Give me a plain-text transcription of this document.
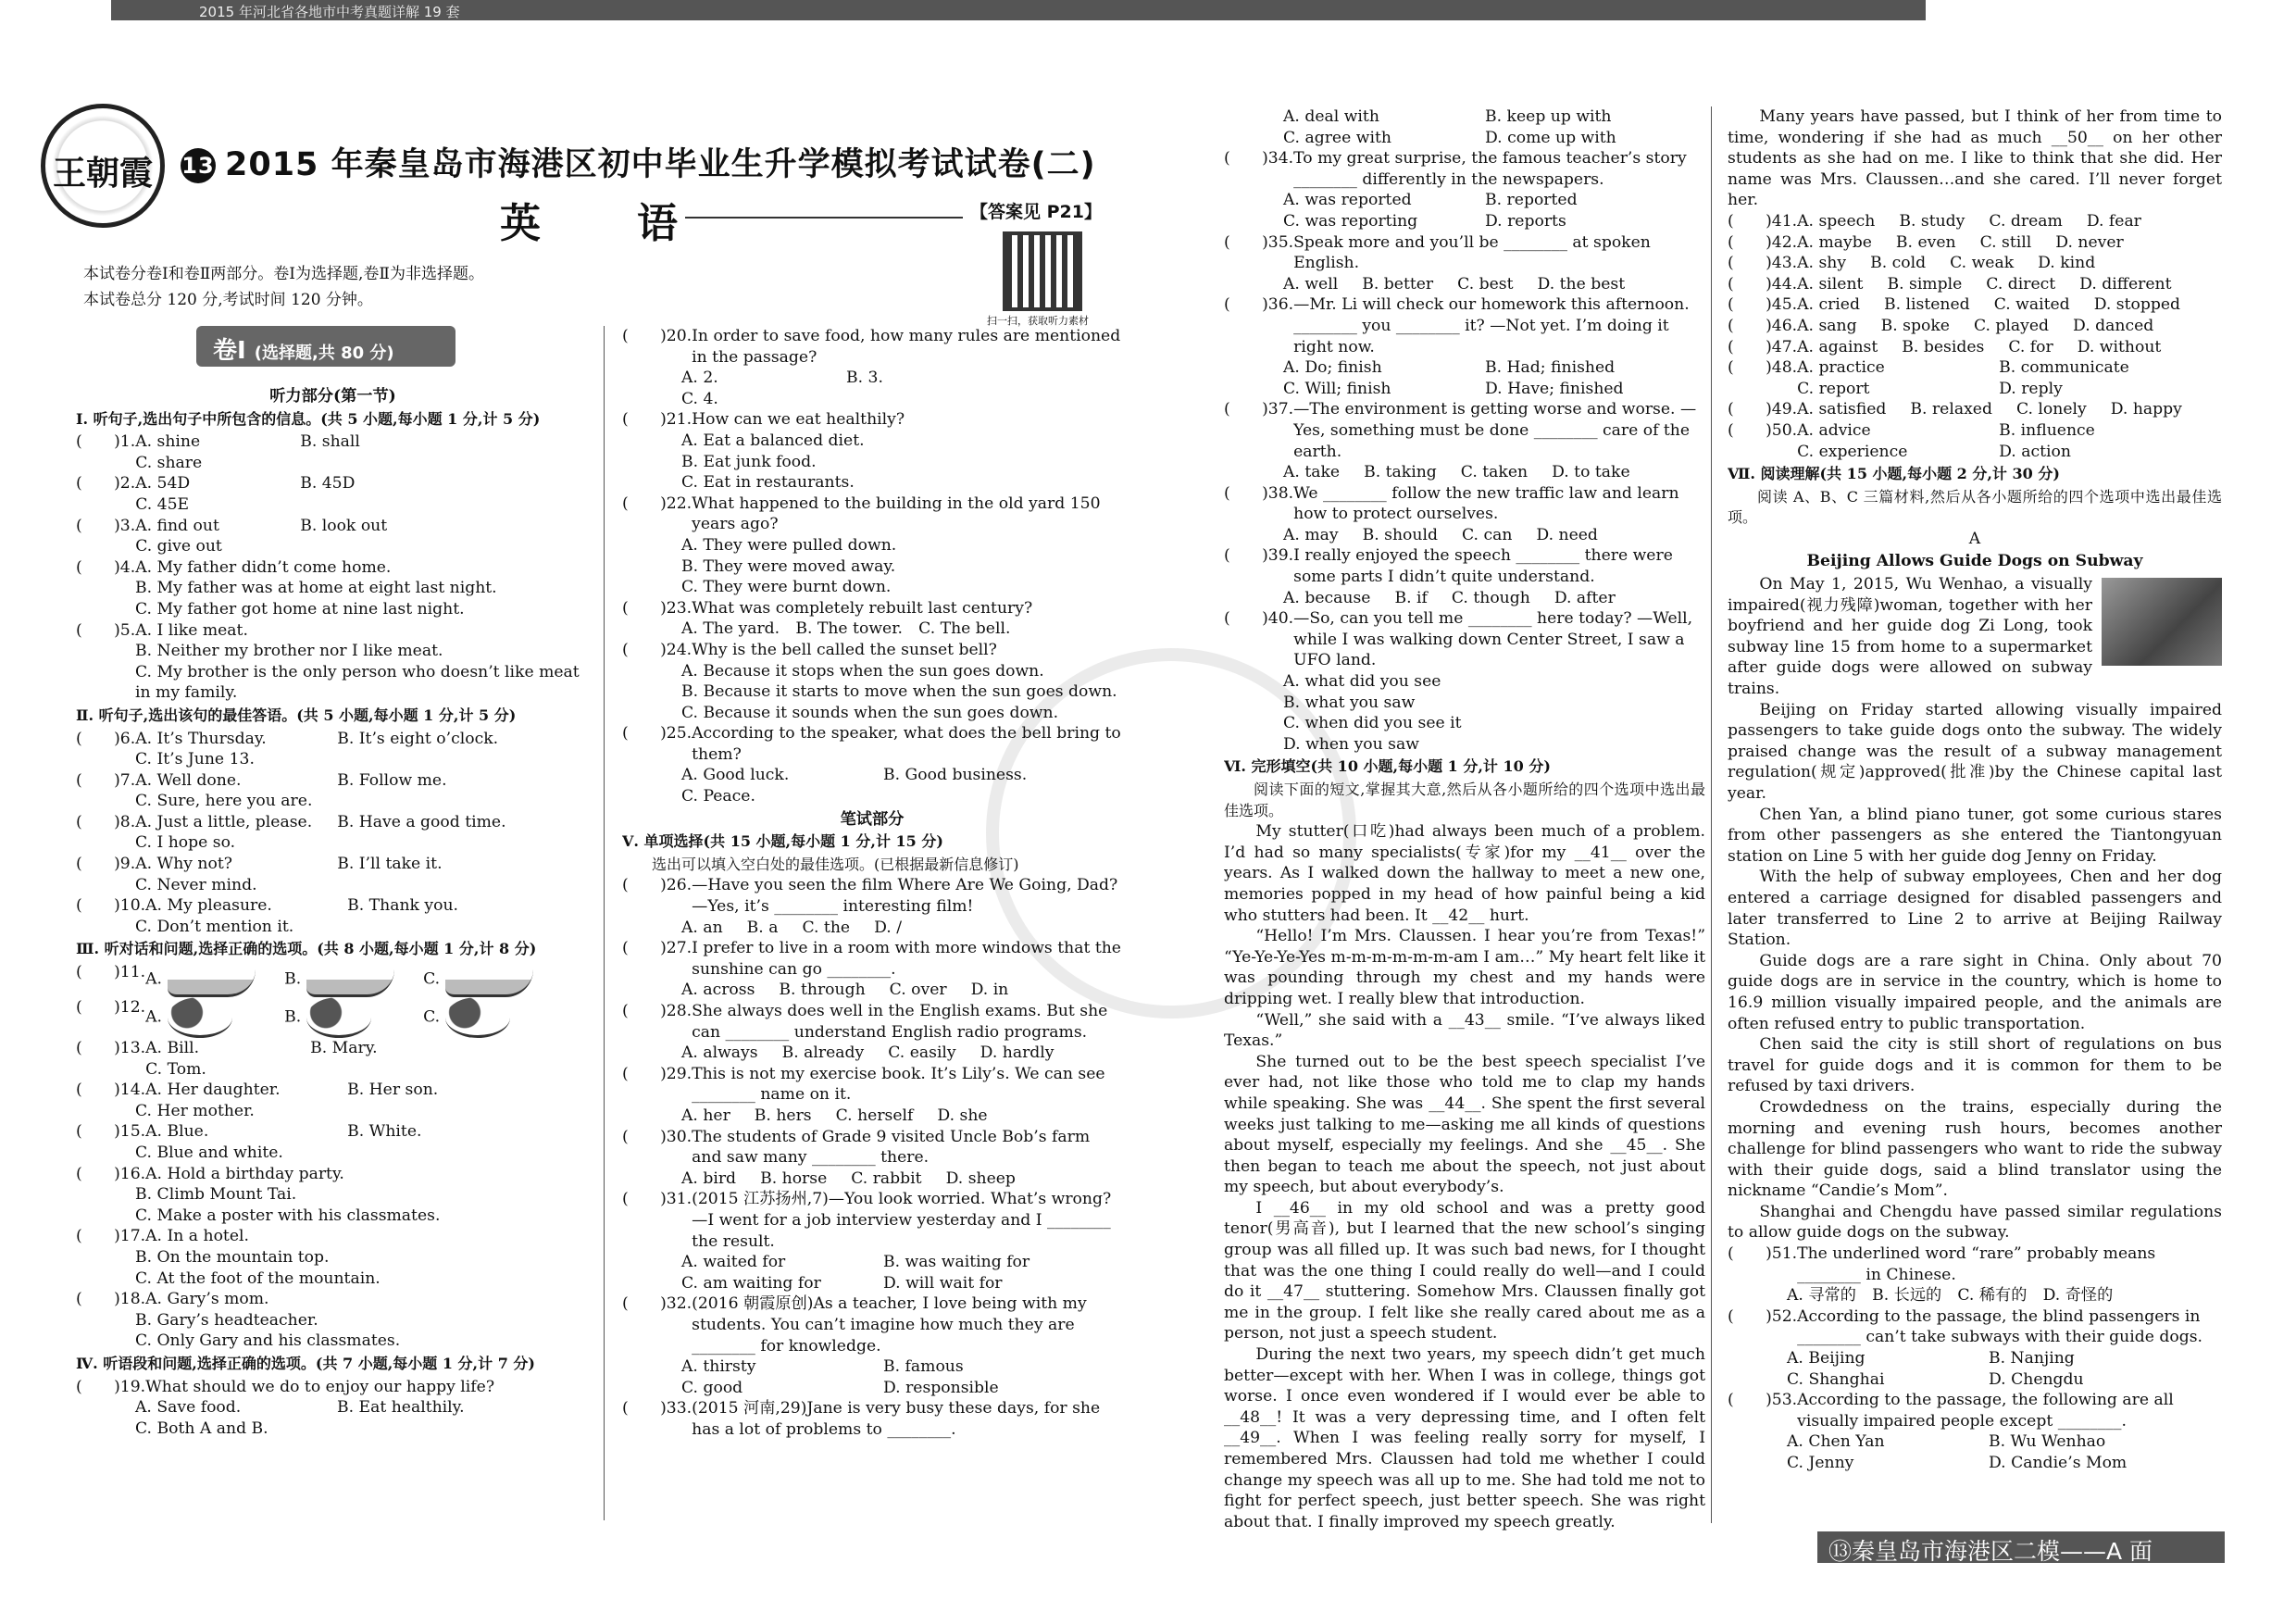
2015 年河北省各地市中考真题详解 19 套
王朝霞	13 2015 年秦皇岛市海港区初中毕业生升学模拟考试试卷(二)
英　语	【答案见 P21】
扫一扫，获取听力素材
本试卷分卷Ⅰ和卷Ⅱ两部分。卷Ⅰ为选择题,卷Ⅱ为非选择题。
本试卷总分 120 分,考试时间 120 分钟。
卷Ⅰ (选择题,共 80 分)
听力部分(第一节)
Ⅰ. 听句子,选出句子中所包含的信息。(共 5 小题,每小题 1 分,计 5 分)
(　　)1. A. shine	B. shall
C. share
(　　)2. A. 54D	B. 45D
C. 45E
(　　)3. A. find out	B. look out
C. give out
(　　)4. A. My father didn’t come home.
B. My father was at home at eight last night.
C. My father got home at nine last night.
(　　)5. A. I like meat.
B. Neither my brother nor I like meat.
C. My brother is the only person who doesn’t like meat in my family.
Ⅱ. 听句子,选出该句的最佳答语。(共 5 小题,每小题 1 分,计 5 分)
(　　)6. A. It’s Thursday.	B. It’s eight o’clock.
C. It’s June 13.
(　　)7. A. Well done.	B. Follow me.
C. Sure, here you are.
(　　)8. A. Just a little, please.	B. Have a good time.
C. I hope so.
(　　)9. A. Why not?	B. I’ll take it.
C. Never mind.
(　　)10. A. My pleasure.	B. Thank you.
C. Don’t mention it.
Ⅲ. 听对话和问题,选择正确的选项。(共 8 小题,每小题 1 分,计 8 分)
(　　)11. A.	B.	C.
(　　)12.
A.	B.	C.
(　　)13. A. Bill.	B. Mary.
C. Tom.
(　　)14. A. Her daughter.	B. Her son.
C. Her mother.
(　　)15. A. Blue.	B. White.
C. Blue and white.
(　　)16. A. Hold a birthday party.
B. Climb Mount Tai.
C. Make a poster with his classmates.
(　　)17. A. In a hotel.
B. On the mountain top.
C. At the foot of the mountain.
(　　)18. A. Gary’s mom.
B. Gary’s headteacher.
C. Only Gary and his classmates.
Ⅳ. 听语段和问题,选择正确的选项。(共 7 小题,每小题 1 分,计 7 分)
(　　)19. What should we do to enjoy our happy life?
A. Save food.	B. Eat healthily.
C. Both A and B.
(　　)20. In order to save food, how many rules are mentioned in the passage?
A. 2.	B. 3.
C. 4.
(　　)21. How can we eat healthily?
A. Eat a balanced diet.
B. Eat junk food.
C. Eat in restaurants.
(　　)22. What happened to the building in the old yard 150 years ago?
A. They were pulled down.
B. They were moved away.
C. They were burnt down.
(　　)23. What was completely rebuilt last century?
A. The yard.　B. The tower.　C. The bell.
(　　)24. Why is the bell called the sunset bell?
A. Because it stops when the sun goes down.
B. Because it starts to move when the sun goes down.
C. Because it sounds when the sun goes down.
(　　)25. According to the speaker, what does the bell bring to them?
A. Good luck.	B. Good business.
C. Peace.
笔试部分
Ⅴ. 单项选择(共 15 小题,每小题 1 分,计 15 分)
选出可以填入空白处的最佳选项。(已根据最新信息修订)
(　　)26. —Have you seen the film Where Are We Going, Dad? —Yes, it’s ________ interesting film!
A. an B. a C. the D. /
(　　)27. I prefer to live in a room with more windows that the sunshine can go ________.
A. across B. through C. over D. in
(　　)28. She always does well in the English exams. But she can ________ understand English radio programs.
A. always B. already C. easily D. hardly
(　　)29. This is not my exercise book. It’s Lily’s. We can see ________ name on it.
A. her B. hers C. herself D. she
(　　)30. The students of Grade 9 visited Uncle Bob’s farm and saw many ________ there.
A. bird B. horse C. rabbit D. sheep
(　　)31. (2015 江苏扬州,7)—You look worried. What’s wrong? —I went for a job interview yesterday and I ________ the result.
A. waited for	B. was waiting for
C. am waiting for	D. will wait for
(　　)32. (2016 朝霞原创)As a teacher, I love being with my students. You can’t imagine how much they are ________ for knowledge.
A. thirsty	B. famous
C. good	D. responsible
(　　)33. (2015 河南,29)Jane is very busy these days, for she has a lot of problems to ________.
A. deal with	B. keep up with
C. agree with	D. come up with
(　　)34. To my great surprise, the famous teacher’s story ________ differently in the newspapers.
A. was reported	B. reported
C. was reporting	D. reports
(　　)35. Speak more and you’ll be ________ at spoken English.
A. well B. better C. best D. the best
(　　)36. —Mr. Li will check our homework this afternoon. ________ you ________ it? —Not yet. I’m doing it right now.
A. Do; finish	B. Had; finished
C. Will; finish	D. Have; finished
(　　)37. —The environment is getting worse and worse. —Yes, something must be done ________ care of the earth.
A. take B. taking C. taken D. to take
(　　)38. We ________ follow the new traffic law and learn how to protect ourselves.
A. may B. should C. can D. need
(　　)39. I really enjoyed the speech ________ there were some parts I didn’t quite understand.
A. because B. if C. though D. after
(　　)40. —So, can you tell me ________ here today? —Well, while I was walking down Center Street, I saw a UFO land.
A. what did you see
B. what you saw
C. when did you see it
D. when you saw
Ⅵ. 完形填空(共 10 小题,每小题 1 分,计 10 分)
阅读下面的短文,掌握其大意,然后从各小题所给的四个选项中选出最佳选项。
My stutter(口吃)had always been much of a problem. I’d had so many specialists(专家)for my __41__ over the years. As I walked down the hallway to meet a new one, memories popped in my head of how painful being a kid who stutters had been. It __42__ hurt.
“Hello! I’m Mrs. Claussen. I hear you’re from Texas!” “Ye-Ye-Ye-Yes m-m-m-m-m-m-am I am…” My heart felt like it was pounding through my chest and my hands were dripping wet. I really blew that introduction.
“Well,” she said with a __43__ smile. “I’ve always liked Texas.”
She turned out to be the best speech specialist I’ve ever had, not like those who told me to clap my hands while speaking. She was __44__. She spent the first several weeks just talking to me—asking me all kinds of questions about myself, especially my feelings. And she __45__. She then began to teach me about the speech, not just about my speech, but about everybody’s.
I __46__ in my old school and was a pretty good tenor(男高音), but I learned that the new school’s singing group was all filled up. It was such bad news, for I thought that was the one thing I could really do well—and I could do it __47__ stuttering. Somehow Mrs. Claussen finally got me in the group. I felt like she really cared about me as a person, not just a speech student.
During the next two years, my speech didn’t get much better—except with her. When I was in college, things got worse. I once even wondered if I would ever be able to __48__! It was a very depressing time, and I often felt __49__. When I was feeling really sorry for myself, I remembered Mrs. Claussen had told me whether I could change my speech was all up to me. She had told me not to fight for perfect speech, just better speech. She was right about that. I finally improved my speech greatly.
Many years have passed, but I think of her from time to time, wondering if she had as much __50__ on her other students as she had on me. I like to think that she did. Her name was Mrs. Claussen…and she cared. I’ll never forget her.
(　　)41. A. speech B. study C. dream D. fear
(　　)42. A. maybe B. even C. still D. never
(　　)43. A. shy B. cold C. weak D. kind
(　　)44. A. silent B. simple C. direct D. different
(　　)45. A. cried B. listened C. waited D. stopped
(　　)46. A. sang B. spoke C. played D. danced
(　　)47. A. against B. besides C. for D. without
(　　)48. A. practice	B. communicate
C. report	D. reply
(　　)49. A. satisfied B. relaxed C. lonely D. happy
(　　)50. A. advice	B. influence
C. experience	D. action
Ⅶ. 阅读理解(共 15 小题,每小题 2 分,计 30 分)
阅读 A、B、C 三篇材料,然后从各小题所给的四个选项中选出最佳选项。
A
Beijing Allows Guide Dogs on Subway
On May 1, 2015, Wu Wenhao, a visually impaired(视力残障)woman, together with her boyfriend and her guide dog Zi Long, took subway line 15 from home to a supermarket after guide dogs were allowed on subway trains.
Beijing on Friday started allowing visually impaired passengers to take guide dogs onto the subway. The widely praised change was the result of a subway management regulation(规定)approved(批准)by the Chinese capital last year.
Chen Yan, a blind piano tuner, got some curious stares from other passengers as she entered the Tiantongyuan station on Line 5 with her guide dog Jenny on Friday.
With the help of subway employees, Chen and her dog entered a carriage designed for disabled passengers and later transferred to Line 2 to arrive at Beijing Railway Station.
Guide dogs are a rare sight in China. Only about 70 guide dogs are in service in the country, which is home to 16.9 million visually impaired people, and the animals are often refused entry to public transportation.
Chen said the city is still short of regulations on bus travel for guide dogs and it is common for them to be refused by taxi drivers.
Crowdedness on the trains, especially during the morning and evening rush hours, becomes another challenge for blind passengers who want to ride the subway with their guide dogs, said a blind translator using the nickname “Candie’s Mom”.
Shanghai and Chengdu have passed similar regulations to allow guide dogs on the subway.
(　　)51. The underlined word “rare” probably means ________ in Chinese.
A. 寻常的　B. 长远的　C. 稀有的　D. 奇怪的
(　　)52. According to the passage, the blind passengers in ________ can’t take subways with their guide dogs.
A. Beijing	B. Nanjing
C. Shanghai	D. Chengdu
(　　)53. According to the passage, the following are all visually impaired people except ________.
A. Chen Yan	B. Wu Wenhao
C. Jenny	D. Candie’s Mom
⑬秦皇岛市海港区二模——A 面
